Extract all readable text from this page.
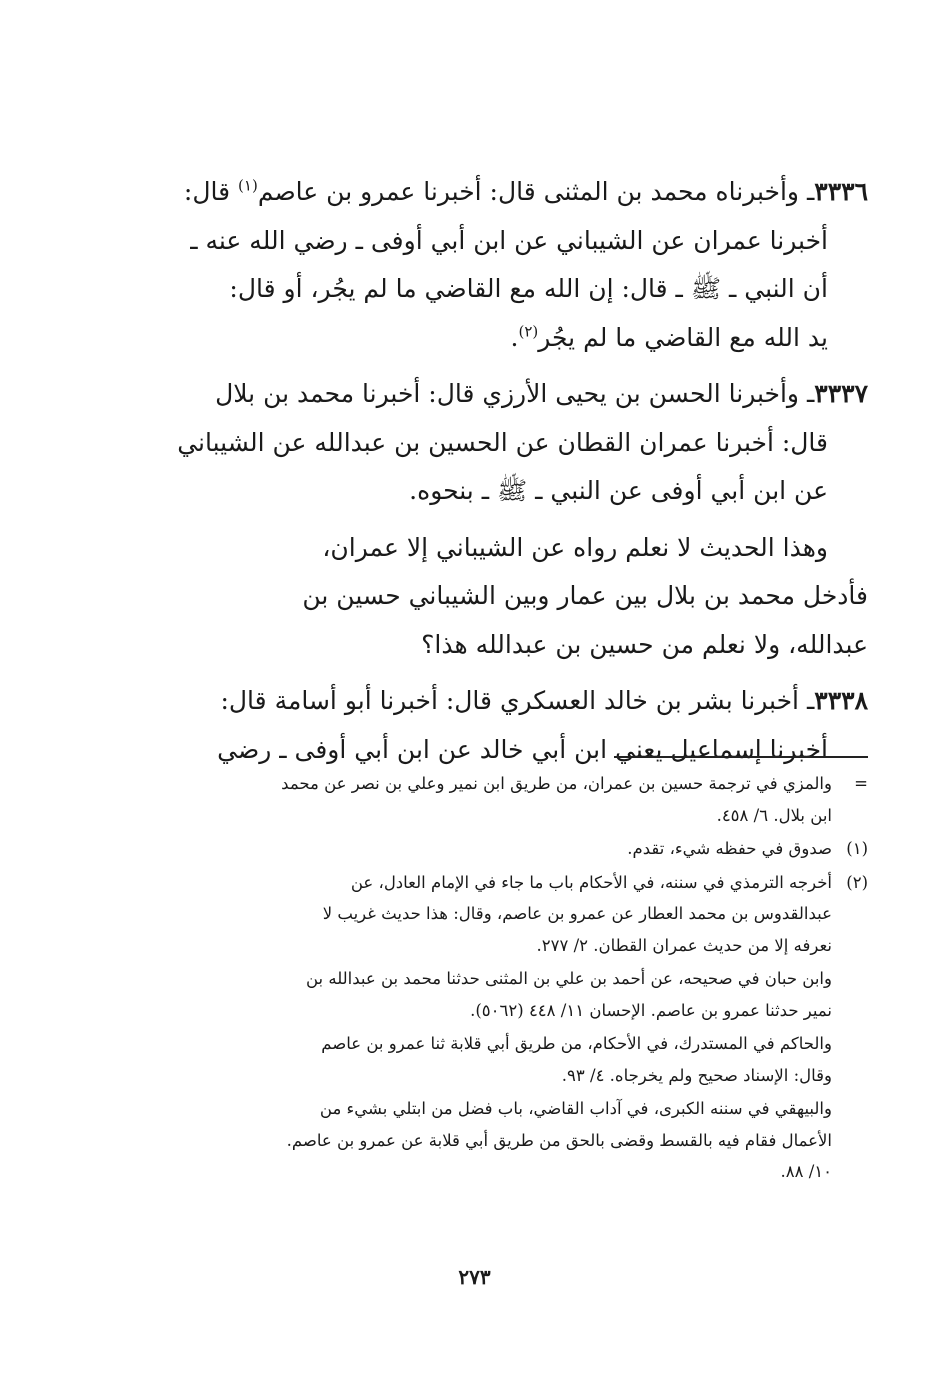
٣٣٣٦ـ وأخبرناه محمد بن المثنى قال: أخبرنا عمرو بن عاصم$^{(١)}$ قال:
أخبرنا عمران عن الشيباني عن ابن أبي أوفى ـ رضي الله عنه ـ
أن النبي ـ ﷺ ـ قال: إن الله مع القاضي ما لم يجُر، أو قال:
يد الله مع القاضي ما لم يجُر$^{(٢)}$.
٣٣٣٧ـ وأخبرنا الحسن بن يحيى الأرزي قال: أخبرنا محمد بن بلال
قال: أخبرنا عمران القطان عن الحسين بن عبدالله عن الشيباني
عن ابن أبي أوفى عن النبي ـ ﷺ ـ بنحوه.
وهذا الحديث لا نعلم رواه عن الشيباني إلا عمران،
فأدخل محمد بن بلال بين عمار وبين الشيباني حسين بن
عبدالله، ولا نعلم من حسين بن عبدالله هذا؟
٣٣٣٨ـ أخبرنا بشر بن خالد العسكري قال: أخبرنا أبو أسامة قال:
أخبرنا إسماعيل يعني ابن أبي خالد عن ابن أبي أوفى ـ رضي
=والمزي في ترجمة حسين بن عمران، من طريق ابن نمير وعلي بن نصر عن محمد
ابن بلال. ٦/ ٤٥٨.
(١)صدوق في حفظه شيء، تقدم.
(٢)أخرجه الترمذي في سننه، في الأحكام باب ما جاء في الإمام العادل، عن
عبدالقدوس بن محمد العطار عن عمرو بن عاصم، وقال: هذا حديث غريب لا
نعرفه إلا من حديث عمران القطان. ٢/ ٢٧٧.
وابن حبان في صحيحه، عن أحمد بن علي بن المثنى حدثنا محمد بن عبدالله بن
نمير حدثنا عمرو بن عاصم. الإحسان ١١/ ٤٤٨ (٥٠٦٢).
والحاكم في المستدرك، في الأحكام، من طريق أبي قلابة ثنا عمرو بن عاصم
وقال: الإسناد صحيح ولم يخرجاه. ٤/ ٩٣.
والبيهقي في سننه الكبرى، في آداب القاضي، باب فضل من ابتلي بشيء من
الأعمال فقام فيه بالقسط وقضى بالحق من طريق أبي قلابة عن عمرو بن عاصم.
١٠/ ٨٨.
٢٧٣
